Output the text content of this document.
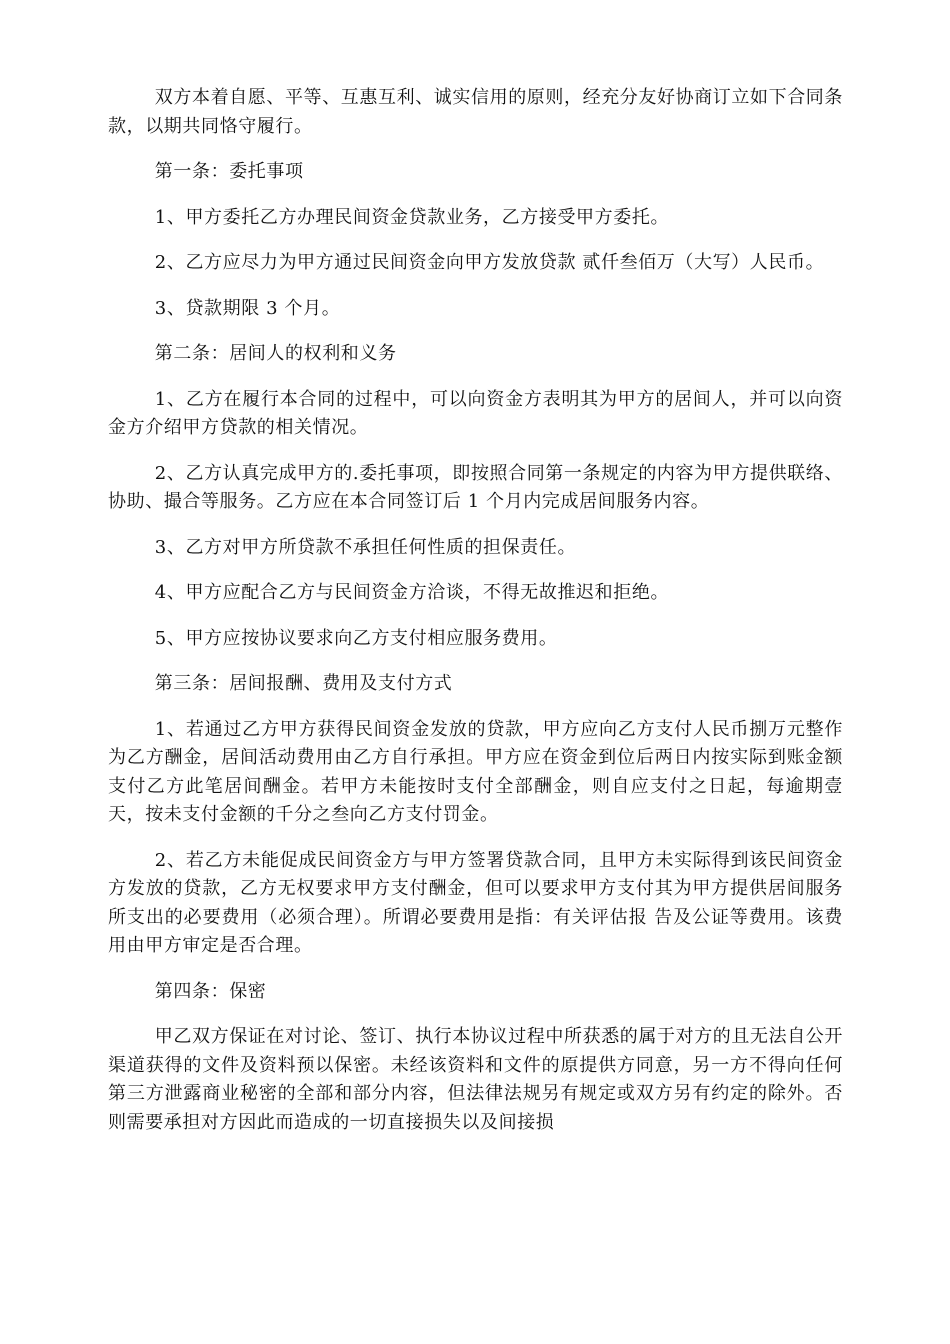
双方本着自愿、平等、互惠互利、诚实信用的原则，经充分友好协商订立如下合同条款，以期共同恪守履行。

第一条：委托事项

1、甲方委托乙方办理民间资金贷款业务，乙方接受甲方委托。

2、乙方应尽力为甲方通过民间资金向甲方发放贷款 贰仟叁佰万（大写）人民币。

3、贷款期限 3 个月。

第二条：居间人的权利和义务

1、乙方在履行本合同的过程中，可以向资金方表明其为甲方的居间人，并可以向资金方介绍甲方贷款的相关情况。

2、乙方认真完成甲方的.委托事项，即按照合同第一条规定的内容为甲方提供联络、协助、撮合等服务。乙方应在本合同签订后 1 个月内完成居间服务内容。

3、乙方对甲方所贷款不承担任何性质的担保责任。

4、甲方应配合乙方与民间资金方洽谈，不得无故推迟和拒绝。

5、甲方应按协议要求向乙方支付相应服务费用。

第三条：居间报酬、费用及支付方式

1、若通过乙方甲方获得民间资金发放的贷款，甲方应向乙方支付人民币捌万元整作为乙方酬金，居间活动费用由乙方自行承担。甲方应在资金到位后两日内按实际到账金额支付乙方此笔居间酬金。若甲方未能按时支付全部酬金，则自应支付之日起，每逾期壹天，按未支付金额的千分之叁向乙方支付罚金。

2、若乙方未能促成民间资金方与甲方签署贷款合同，且甲方未实际得到该民间资金方发放的贷款，乙方无权要求甲方支付酬金，但可以要求甲方支付其为甲方提供居间服务所支出的必要费用（必须合理）。所谓必要费用是指：有关评估报 告及公证等费用。该费用由甲方审定是否合理。

第四条：保密

甲乙双方保证在对讨论、签订、执行本协议过程中所获悉的属于对方的且无法自公开渠道获得的文件及资料预以保密。未经该资料和文件的原提供方同意，另一方不得向任何第三方泄露商业秘密的全部和部分内容，但法律法规另有规定或双方另有约定的除外。否则需要承担对方因此而造成的一切直接损失以及间接损
